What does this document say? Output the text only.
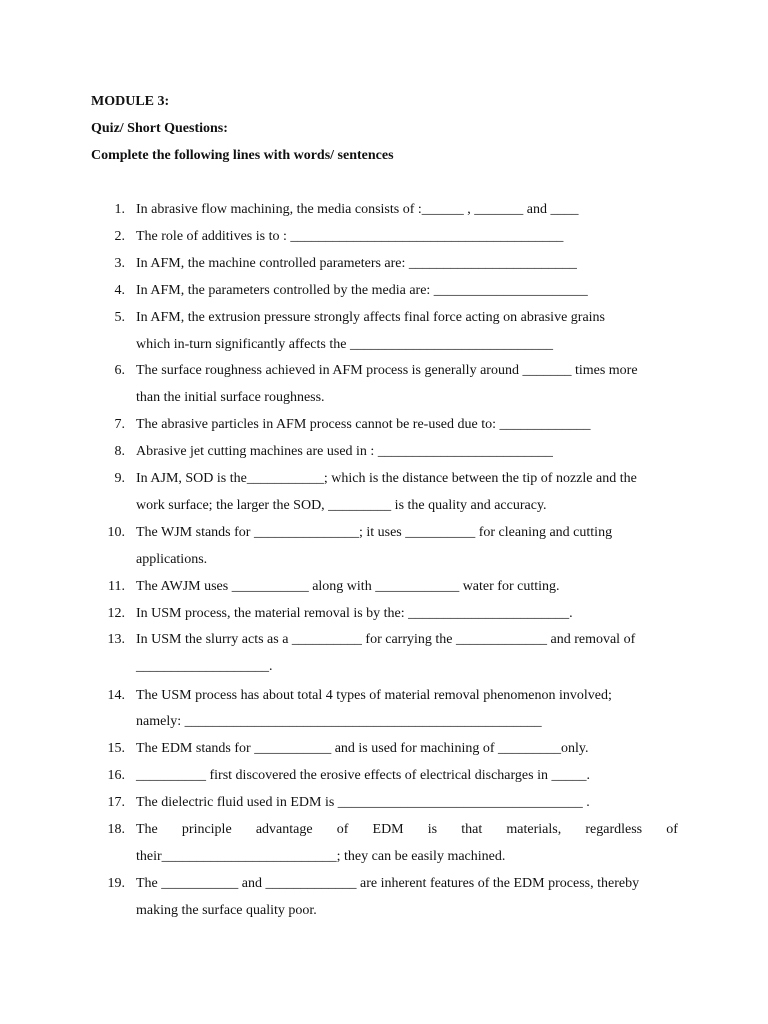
MODULE 3:
Quiz/ Short Questions:
Complete the following lines with words/ sentences
1. In abrasive flow machining, the media consists of :______ , _______ and ____
2. The role of additives is to : _______________________________________
3. In AFM, the machine controlled parameters are: ________________________
4. In AFM, the parameters controlled by the media are: ______________________
5. In AFM, the extrusion pressure strongly affects final force acting on abrasive grains
which in-turn significantly affects the _____________________________
6. The surface roughness achieved in AFM process is generally around _______ times more
than the initial surface roughness.
7. The abrasive particles in AFM process cannot be re-used due to: _____________
8. Abrasive jet cutting machines are used in : _________________________
9. In AJM, SOD is the___________; which is the distance between the tip of nozzle and the
work surface; the larger the SOD, _________ is the quality and accuracy.
10. The WJM stands for _______________; it uses __________ for cleaning and cutting
applications.
11. The AWJM uses ___________ along with ____________ water for cutting.
12. In USM process, the material removal is by the: _______________________.
13. In USM the slurry acts as a __________ for carrying the _____________ and removal of
___________________.
14. The USM process has about total 4 types of material removal phenomenon involved;
namely: ___________________________________________________
15. The EDM stands for ___________ and is used for machining of _________only.
16. __________ first discovered the erosive effects of electrical discharges in _____.
17. The dielectric fluid used in EDM is ___________________________________ .
18. The principle advantage of EDM is that materials, regardless of
their_________________________; they can be easily machined.
19. The ___________ and _____________ are inherent features of the EDM process, thereby
making the surface quality poor.
